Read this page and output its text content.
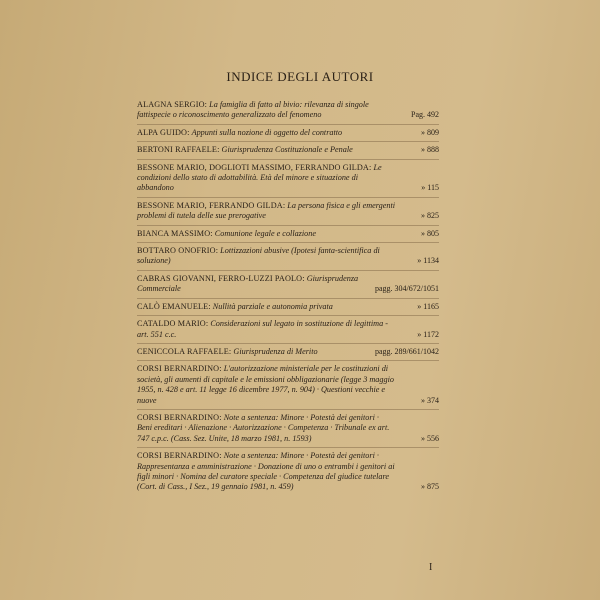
INDICE DEGLI AUTORI

ALAGNA SERGIO: La famiglia di fatto al bivio: rilevanza di singole fattispecie o riconoscimento generalizzato del fenomeno	Pag. 492

ALPA GUIDO: Appunti sulla nozione di oggetto del contratto	» 809

BERTONI RAFFAELE: Giurisprudenza Costituzionale e Penale	» 888

BESSONE MARIO, DOGLIOTI MASSIMO, FERRANDO GILDA: Le condizioni dello stato di adottabilità. Età del minore e situazione di abbandono	» 115

BESSONE MARIO, FERRANDO GILDA: La persona fisica e gli emergenti problemi di tutela delle sue prerogative	» 825

BIANCA MASSIMO: Comunione legale e collazione	» 805

BOTTARO ONOFRIO: Lottizzazioni abusive (Ipotesi fanta-scientifica di soluzione)	» 1134

CABRAS GIOVANNI, FERRO-LUZZI PAOLO: Giurisprudenza Commerciale	pagg. 304/672/1051

CALÒ EMANUELE: Nullità parziale e autonomia privata	» 1165

CATALDO MARIO: Considerazioni sul legato in sostituzione di legittima - art. 551 c.c.	» 1172

CENICCOLA RAFFAELE: Giurisprudenza di Merito	pagg. 289/661/1042

CORSI BERNARDINO: L'autorizzazione ministeriale per le costituzioni di società, gli aumenti di capitale e le emissioni obbligazionarie (legge 3 maggio 1955, n. 428 e art. 11 legge 16 dicembre 1977, n. 904) · Questioni vecchie e nuove	» 374

CORSI BERNARDINO: Note a sentenza: Minore · Potestà dei genitori · Beni ereditari · Alienazione · Autorizzazione · Competenza · Tribunale ex art. 747 c.p.c. (Cass. Sez. Unite, 18 marzo 1981, n. 1593)	» 556

CORSI BERNARDINO: Note a sentenza: Minore · Potestà dei genitori · Rappresentanza e amministrazione · Donazione di uno o entrambi i genitori ai figli minori · Nomina del curatore speciale · Competenza del giudice tutelare (Cort. di Cass., I Sez., 19 gennaio 1981, n. 459)	» 875
I
